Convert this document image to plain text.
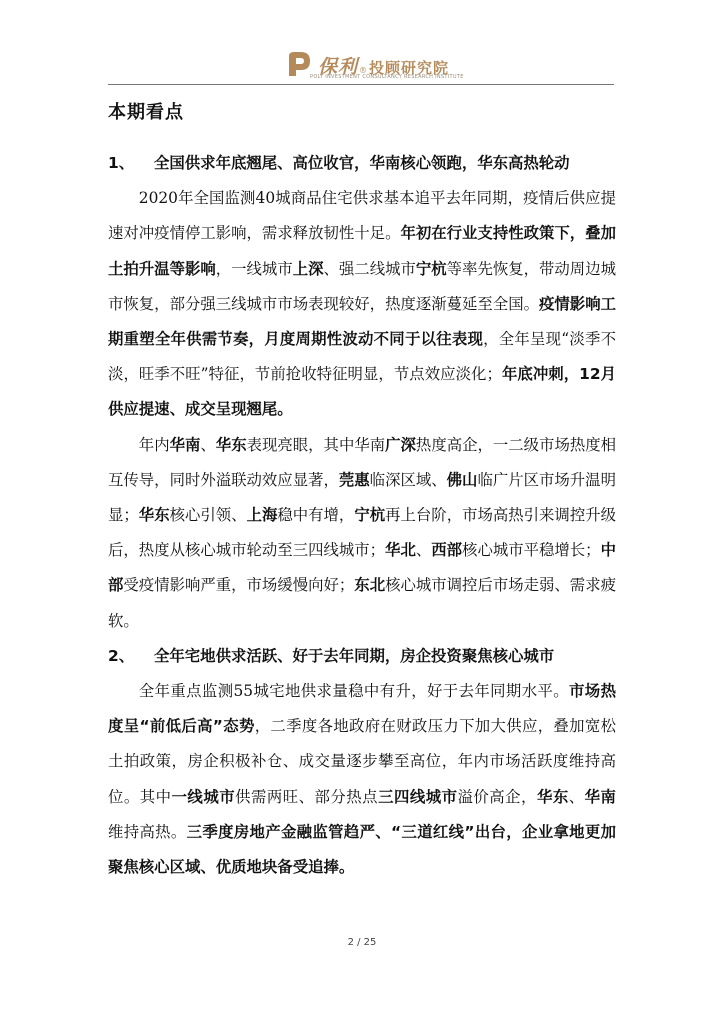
保利 ® 投顾研究院
POLY INVESTMENT CONSULTANCY RESEARCH INSTITUTE
本期看点
1、 全国供求年底翘尾、高位收官，华南核心领跑，华东高热轮动

2020年全国监测40城商品住宅供求基本追平去年同期，疫情后供应提速对冲疫情停工影响，需求释放韧性十足。年初在行业支持性政策下，叠加土拍升温等影响，一线城市上深、强二线城市宁杭等率先恢复，带动周边城市恢复，部分强三线城市市场表现较好，热度逐渐蔓延至全国。疫情影响工期重塑全年供需节奏，月度周期性波动不同于以往表现，全年呈现“淡季不淡，旺季不旺”特征，节前抢收特征明显，节点效应淡化；年底冲刺，12月供应提速、成交呈现翘尾。

年内华南、华东表现亮眼，其中华南广深热度高企，一二级市场热度相互传导，同时外溢联动效应显著，莞惠临深区域、佛山临广片区市场升温明显；华东核心引领、上海稳中有增，宁杭再上台阶，市场高热引来调控升级后，热度从核心城市轮动至三四线城市；华北、西部核心城市平稳增长；中部受疫情影响严重，市场缓慢向好；东北核心城市调控后市场走弱、需求疲软。

2、 全年宅地供求活跃、好于去年同期，房企投资聚焦核心城市

全年重点监测55城宅地供求量稳中有升，好于去年同期水平。市场热度呈“前低后高”态势，二季度各地政府在财政压力下加大供应，叠加宽松土拍政策，房企积极补仓、成交量逐步攀至高位，年内市场活跃度维持高位。其中一线城市供需两旺、部分热点三四线城市溢价高企，华东、华南维持高热。三季度房地产金融监管趋严、“三道红线”出台，企业拿地更加聚焦核心区域、优质地块备受追捧。

2 / 25
